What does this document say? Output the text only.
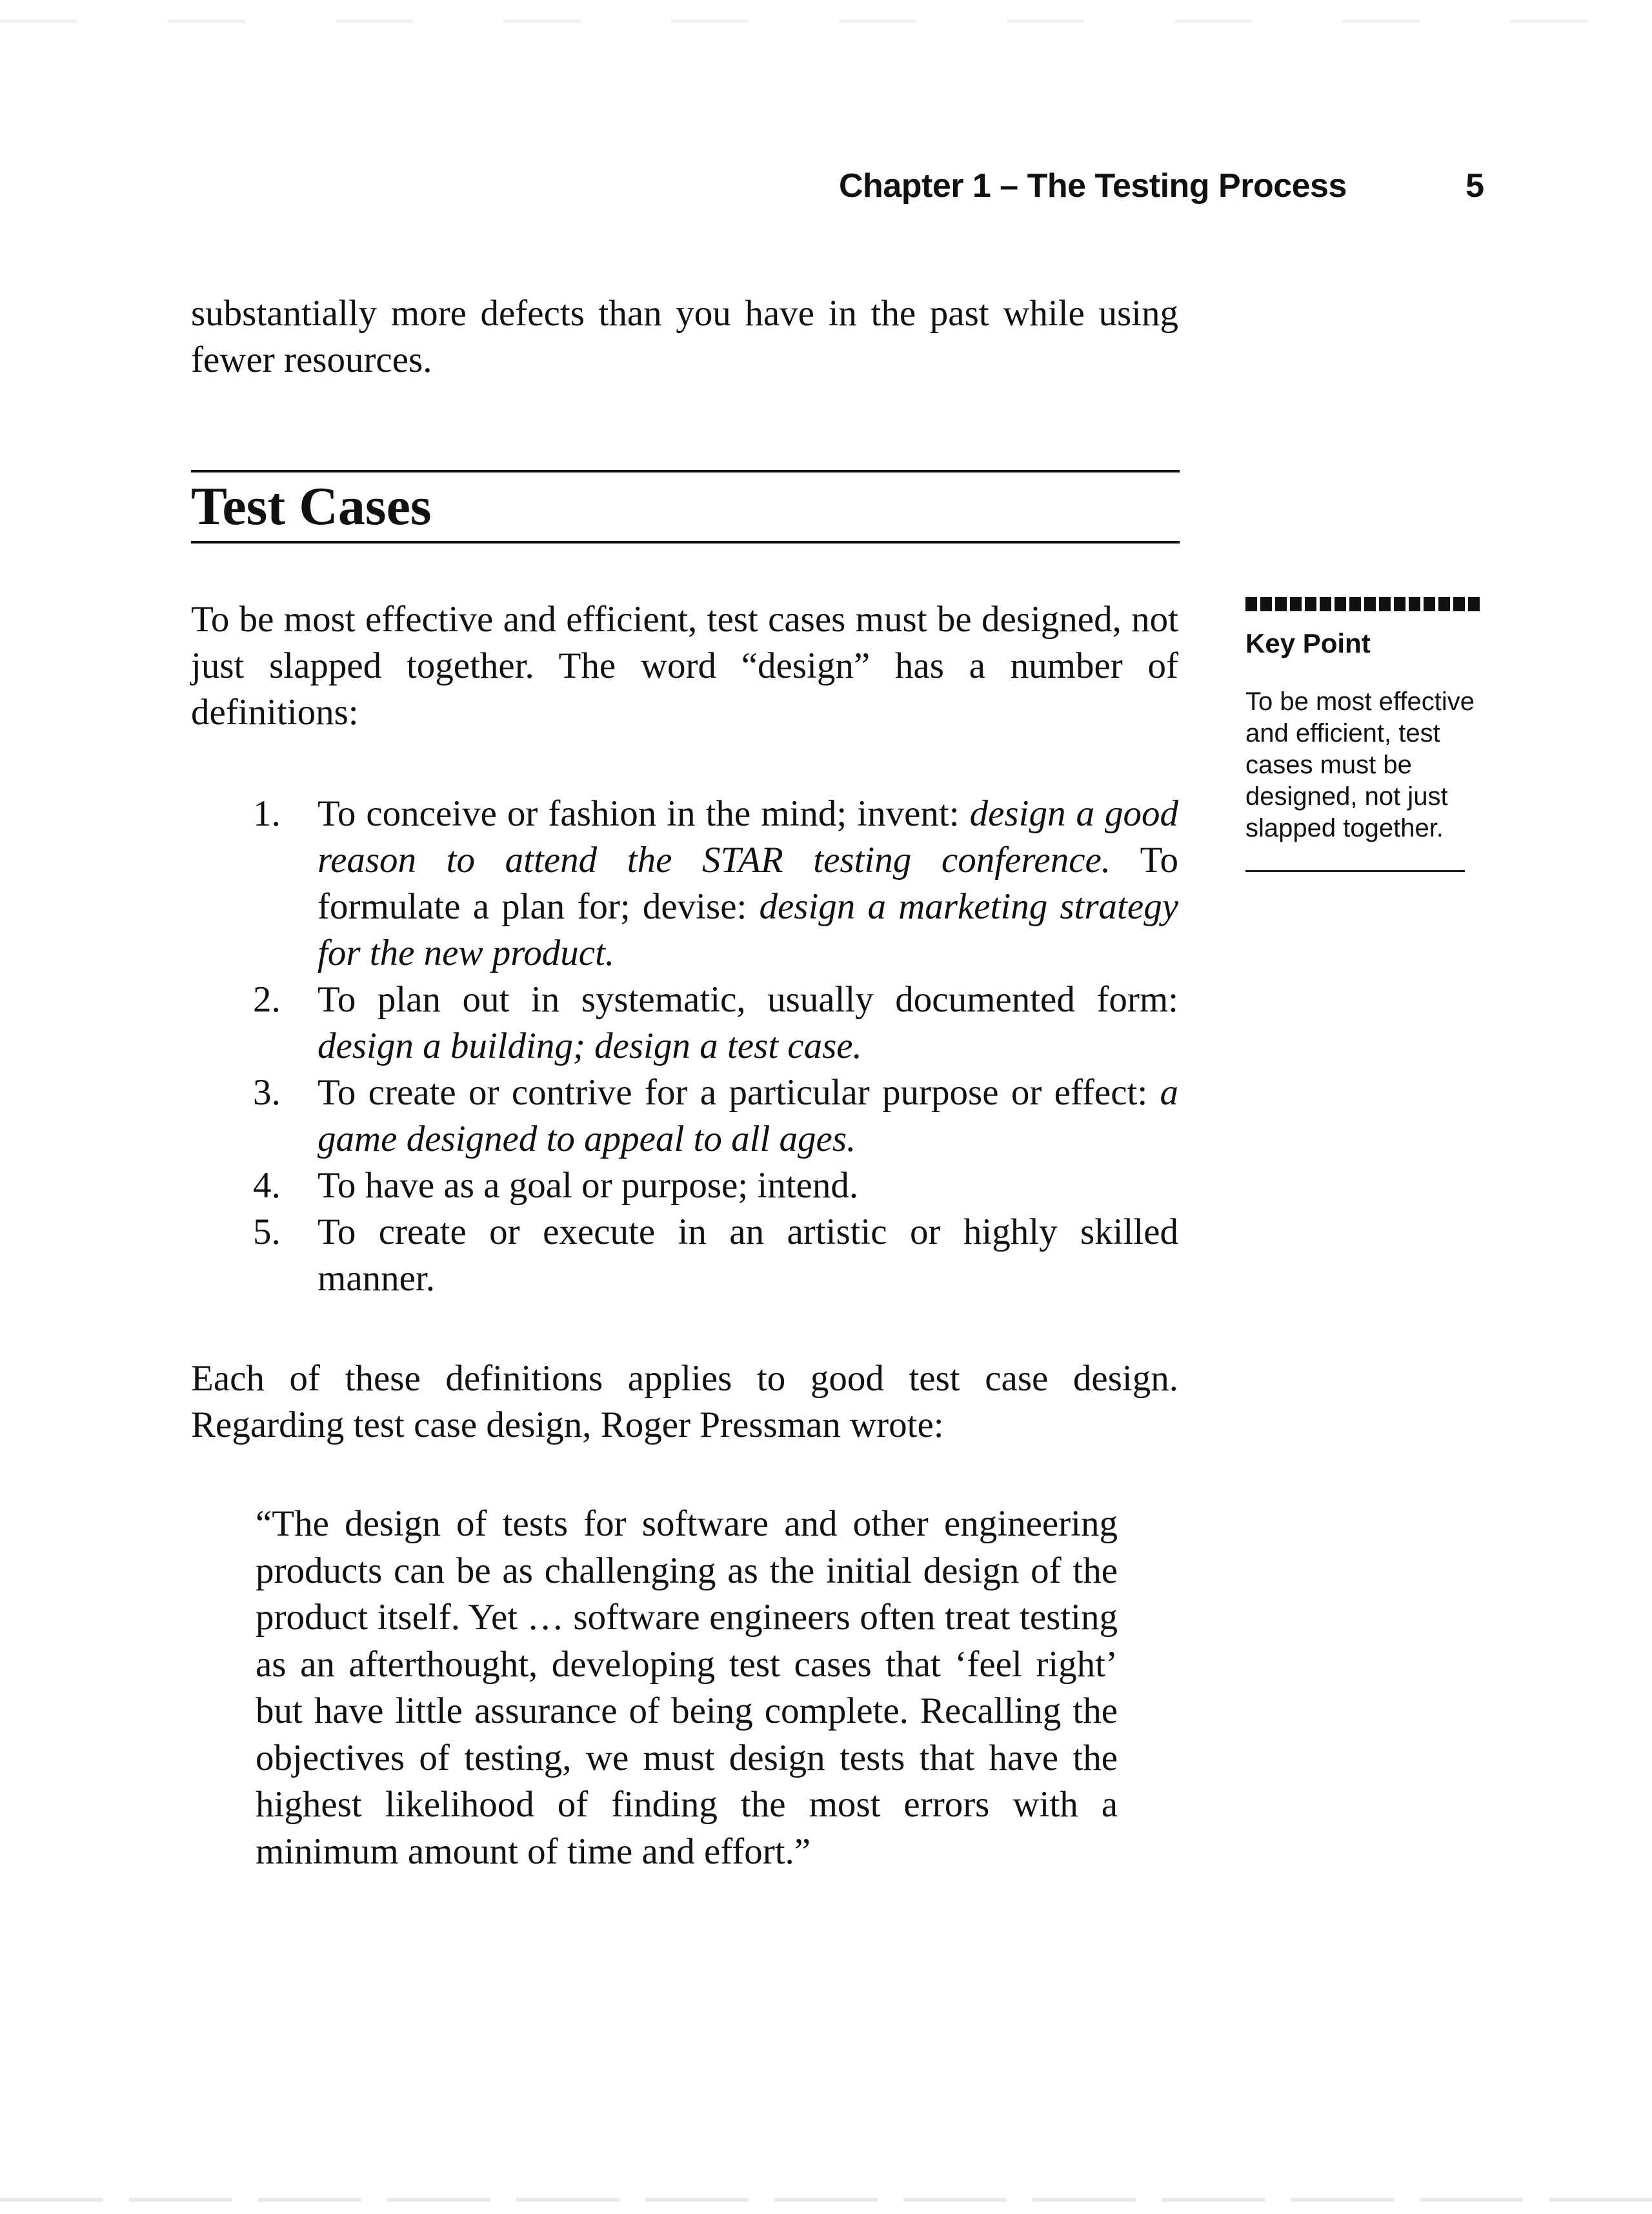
Chapter 1 – The Testing Process	5

substantially more defects than you have in the past while using fewer resources.

Test Cases

To be most effective and efficient, test cases must be designed, not just slapped together. The word “design” has a number of definitions:

1.	To conceive or fashion in the mind; invent: design a good reason to attend the STAR testing conference. To formulate a plan for; devise: design a marketing strategy for the new product.
2.	To plan out in systematic, usually documented form: design a building; design a test case.
3.	To create or contrive for a particular purpose or effect: a game designed to appeal to all ages.
4.	To have as a goal or purpose; intend.
5.	To create or execute in an artistic or highly skilled manner.

Each of these definitions applies to good test case design. Regarding test case design, Roger Pressman wrote:

“The design of tests for software and other engineering products can be as challenging as the initial design of the product itself. Yet … software engineers often treat testing as an afterthought, developing test cases that ‘feel right’ but have little assurance of being complete. Recalling the objectives of testing, we must design tests that have the highest likelihood of finding the most errors with a minimum amount of time and effort.”
Key Point
To be most effective and efficient, test cases must be designed, not just slapped together.
